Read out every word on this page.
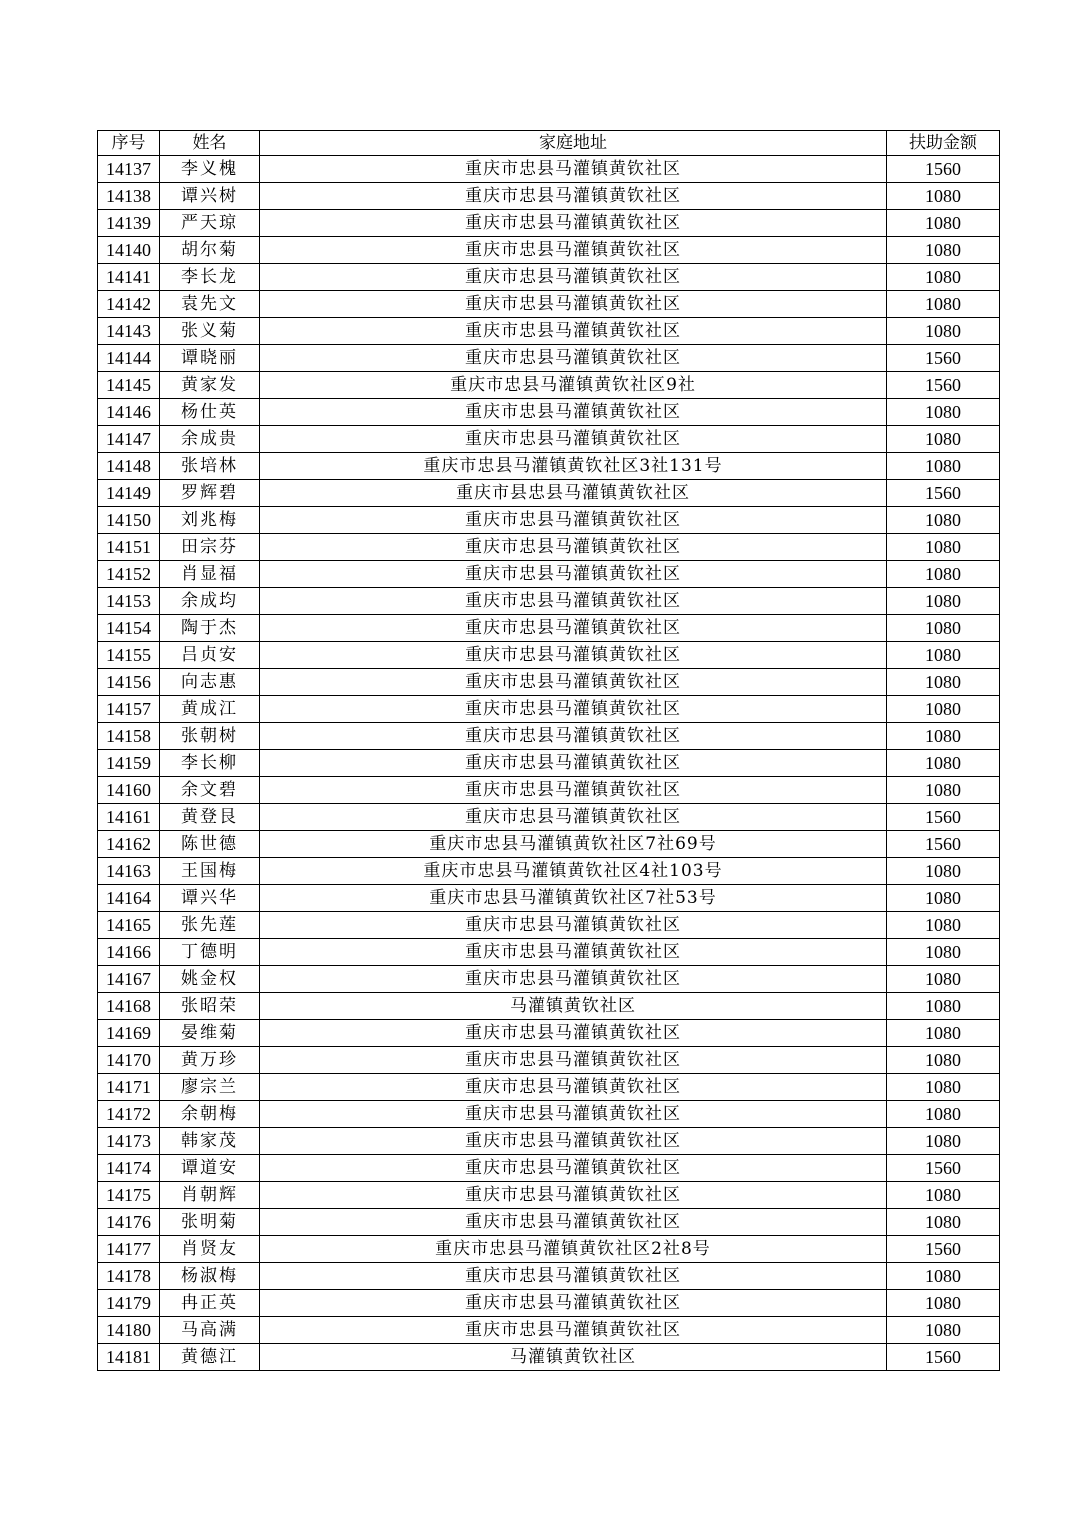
序号	姓名	家庭地址	扶助金额
14137	李义槐	重庆市忠县马灌镇黄钦社区	1560
14138	谭兴树	重庆市忠县马灌镇黄钦社区	1080
14139	严天琼	重庆市忠县马灌镇黄钦社区	1080
14140	胡尔菊	重庆市忠县马灌镇黄钦社区	1080
14141	李长龙	重庆市忠县马灌镇黄钦社区	1080
14142	袁先文	重庆市忠县马灌镇黄钦社区	1080
14143	张义菊	重庆市忠县马灌镇黄钦社区	1080
14144	谭晓丽	重庆市忠县马灌镇黄钦社区	1560
14145	黄家发	重庆市忠县马灌镇黄钦社区9社	1560
14146	杨仕英	重庆市忠县马灌镇黄钦社区	1080
14147	余成贵	重庆市忠县马灌镇黄钦社区	1080
14148	张培林	重庆市忠县马灌镇黄钦社区3社131号	1080
14149	罗辉碧	重庆市县忠县马灌镇黄钦社区	1560
14150	刘兆梅	重庆市忠县马灌镇黄钦社区	1080
14151	田宗芬	重庆市忠县马灌镇黄钦社区	1080
14152	肖显福	重庆市忠县马灌镇黄钦社区	1080
14153	余成均	重庆市忠县马灌镇黄钦社区	1080
14154	陶于杰	重庆市忠县马灌镇黄钦社区	1080
14155	吕贞安	重庆市忠县马灌镇黄钦社区	1080
14156	向志惠	重庆市忠县马灌镇黄钦社区	1080
14157	黄成江	重庆市忠县马灌镇黄钦社区	1080
14158	张朝树	重庆市忠县马灌镇黄钦社区	1080
14159	李长柳	重庆市忠县马灌镇黄钦社区	1080
14160	余文碧	重庆市忠县马灌镇黄钦社区	1080
14161	黄登艮	重庆市忠县马灌镇黄钦社区	1560
14162	陈世德	重庆市忠县马灌镇黄钦社区7社69号	1560
14163	王国梅	重庆市忠县马灌镇黄钦社区4社103号	1080
14164	谭兴华	重庆市忠县马灌镇黄钦社区7社53号	1080
14165	张先莲	重庆市忠县马灌镇黄钦社区	1080
14166	丁德明	重庆市忠县马灌镇黄钦社区	1080
14167	姚金权	重庆市忠县马灌镇黄钦社区	1080
14168	张昭荣	马灌镇黄钦社区	1080
14169	晏维菊	重庆市忠县马灌镇黄钦社区	1080
14170	黄万珍	重庆市忠县马灌镇黄钦社区	1080
14171	廖宗兰	重庆市忠县马灌镇黄钦社区	1080
14172	余朝梅	重庆市忠县马灌镇黄钦社区	1080
14173	韩家茂	重庆市忠县马灌镇黄钦社区	1080
14174	谭道安	重庆市忠县马灌镇黄钦社区	1560
14175	肖朝辉	重庆市忠县马灌镇黄钦社区	1080
14176	张明菊	重庆市忠县马灌镇黄钦社区	1080
14177	肖贤友	重庆市忠县马灌镇黄钦社区2社8号	1560
14178	杨淑梅	重庆市忠县马灌镇黄钦社区	1080
14179	冉正英	重庆市忠县马灌镇黄钦社区	1080
14180	马高满	重庆市忠县马灌镇黄钦社区	1080
14181	黄德江	马灌镇黄钦社区	1560
